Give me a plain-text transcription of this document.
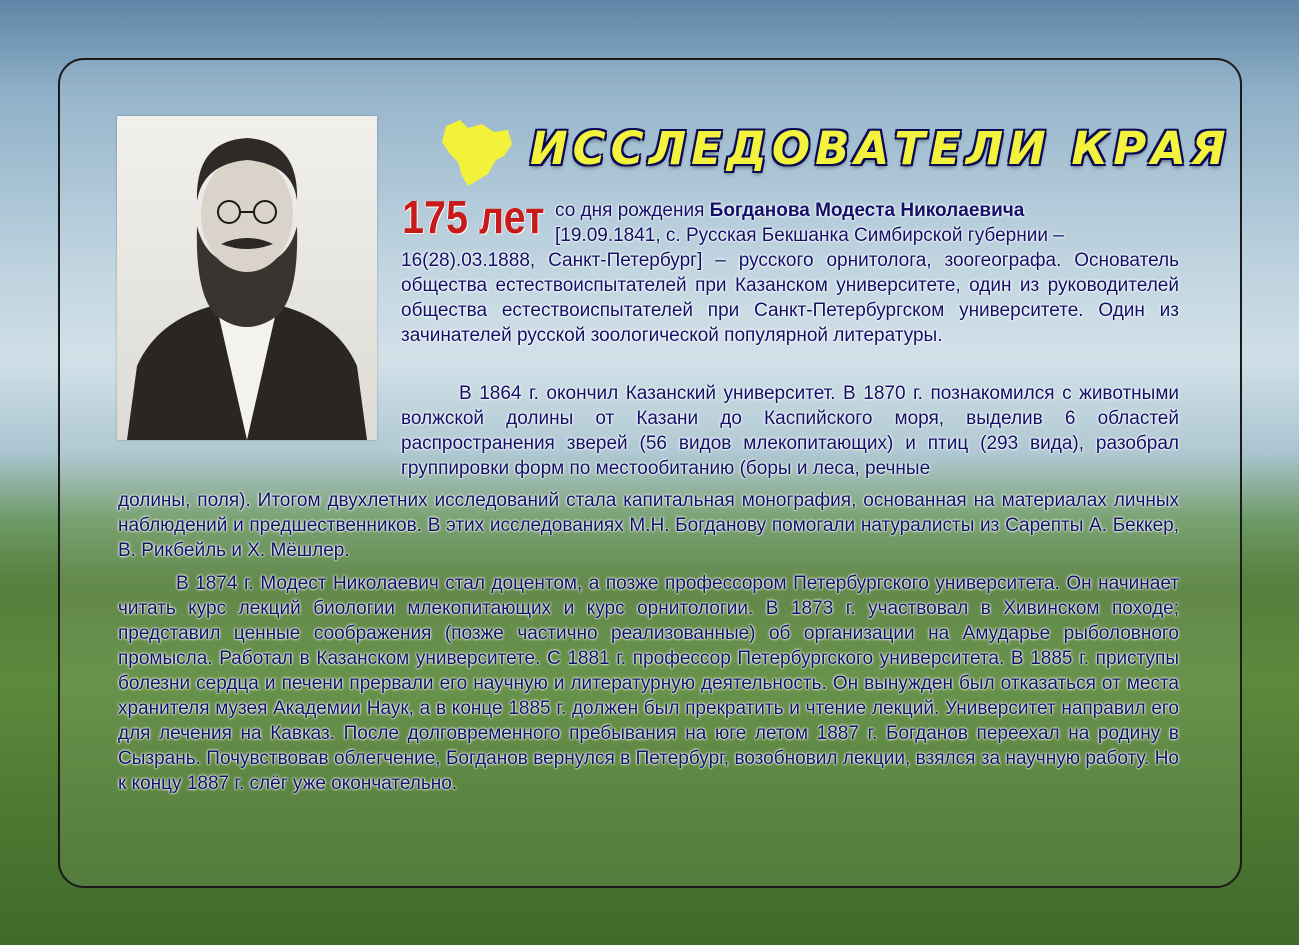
ИССЛЕДОВАТЕЛИ КРАЯ
175 лет со дня рождения Богданова Модеста Николаевича
[19.09.1841, с. Русская Бекшанка Симбирской губернии –
16(28).03.1888, Санкт-Петербург] – русского орнитолога, зоогеографа. Основатель общества естествоиспытателей при Казанском университете, один из руководителей общества естествоиспытателей при Санкт-Петербургском университете. Один из зачинателей русской зоологической популярной литературы.
В 1864 г. окончил Казанский университет. В 1870 г. познакомился с животными волжской долины от Казани до Каспийского моря, выделив 6 областей распространения зверей (56 видов млекопитающих) и птиц (293 вида), разобрал группировки форм по местообитанию (боры и леса, речные
долины, поля). Итогом двухлетних исследований стала капитальная монография, основанная на материалах личных наблюдений и предшественников. В этих исследованиях М.Н. Богданову помогали натуралисты из Сарепты А. Беккер, В. Рикбейль и Х. Мёшлер.
В 1874 г. Модест Николаевич стал доцентом, а позже профессором Петербургского университета. Он начинает читать курс лекций биологии млекопитающих и курс орнитологии. В 1873 г. участвовал в Хивинском походе; представил ценные соображения (позже частично реализованные) об организации на Амударье рыболовного промысла. Работал в Казанском университете. С 1881 г. профессор Петербургского университета. В 1885 г. приступы болезни сердца и печени прервали его научную и литературную деятельность. Он вынужден был отказаться от места хранителя музея Академии Наук, а в конце 1885 г. должен был прекратить и чтение лекций. Университет направил его для лечения на Кавказ. После долговременного пребывания на юге летом 1887 г. Богданов переехал на родину в Сызрань. Почувствовав облегчение, Богданов вернулся в Петербург, возобновил лекции, взялся за научную работу. Но к концу 1887 г. слёг уже окончательно.
